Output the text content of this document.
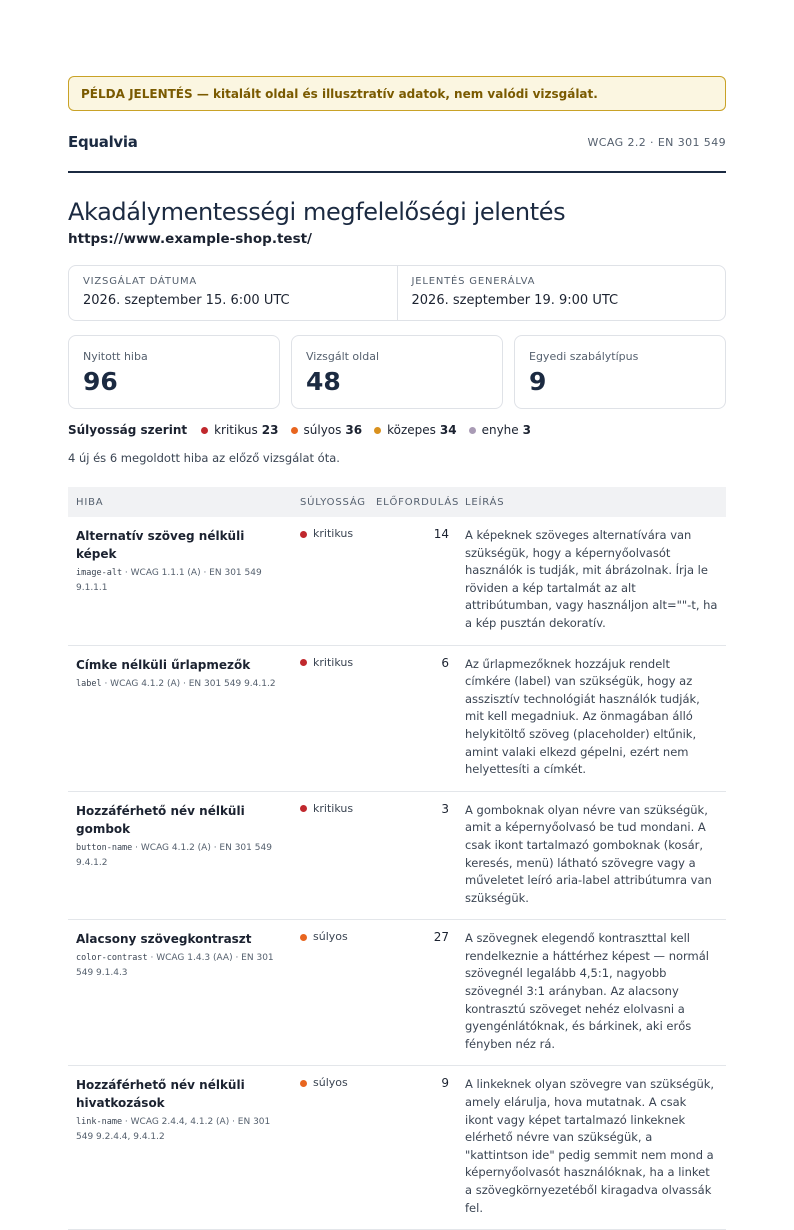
PÉLDA JELENTÉS — kitalált oldal és illusztratív adatok, nem valódi vizsgálat.
Equalvia	WCAG 2.2 · EN 301 549
Akadálymentességi megfelelőségi jelentés
https://www.example-shop.test/
VIZSGÁLAT DÁTUMA
2026. szeptember 15. 6:00 UTC
JELENTÉS GENERÁLVA
2026. szeptember 19. 9:00 UTC
Nyitott hiba
96
Vizsgált oldal
48
Egyedi szabálytípus
9
Súlyosság szerint kritikus 23 súlyos 36 közepes 34 enyhe 3
4 új és 6 megoldott hiba az előző vizsgálat óta.
HIBA	SÚLYOSSÁG	ELŐFORDULÁS	LEÍRÁS

Alternatív szöveg nélküli képek
image-alt · WCAG 1.1.1 (A) · EN 301 549 9.1.1.1	kritikus	14	A képeknek szöveges alternatívára van szükségük, hogy a képernyőolvasót használók is tudják, mit ábrázolnak. Írja le röviden a kép tartalmát az alt attribútumban, vagy használjon alt=""-t, ha a kép pusztán dekoratív.

Címke nélküli űrlapmezők
label · WCAG 4.1.2 (A) · EN 301 549 9.4.1.2	kritikus	6	Az űrlapmezőknek hozzájuk rendelt címkére (label) van szükségük, hogy az asszisztív technológiát használók tudják, mit kell megadniuk. Az önmagában álló helykitöltő szöveg (placeholder) eltűnik, amint valaki elkezd gépelni, ezért nem helyettesíti a címkét.

Hozzáférhető név nélküli gombok
button-name · WCAG 4.1.2 (A) · EN 301 549 9.4.1.2	kritikus	3	A gomboknak olyan névre van szükségük, amit a képernyőolvasó be tud mondani. A csak ikont tartalmazó gomboknak (kosár, keresés, menü) látható szövegre vagy a műveletet leíró aria-label attribútumra van szükségük.

Alacsony szövegkontraszt
color-contrast · WCAG 1.4.3 (AA) · EN 301 549 9.1.4.3	súlyos	27	A szövegnek elegendő kontraszttal kell rendelkeznie a háttérhez képest — normál szövegnél legalább 4,5:1, nagyobb szövegnél 3:1 arányban. Az alacsony kontrasztú szöveget nehéz elolvasni a gyengénlátóknak, és bárkinek, aki erős fényben néz rá.

Hozzáférhető név nélküli hivatkozások
link-name · WCAG 2.4.4, 4.1.2 (A) · EN 301 549 9.2.4.4, 9.4.1.2	súlyos	9	A linkeknek olyan szövegre van szükségük, amely elárulja, hova mutatnak. A csak ikont vagy képet tartalmazó linkeknek elérhető névre van szükségük, a "kattintson ide" pedig semmit nem mond a képernyőolvasót használóknak, ha a linket a szövegkörnyezetéből kiragadva olvassák fel.
